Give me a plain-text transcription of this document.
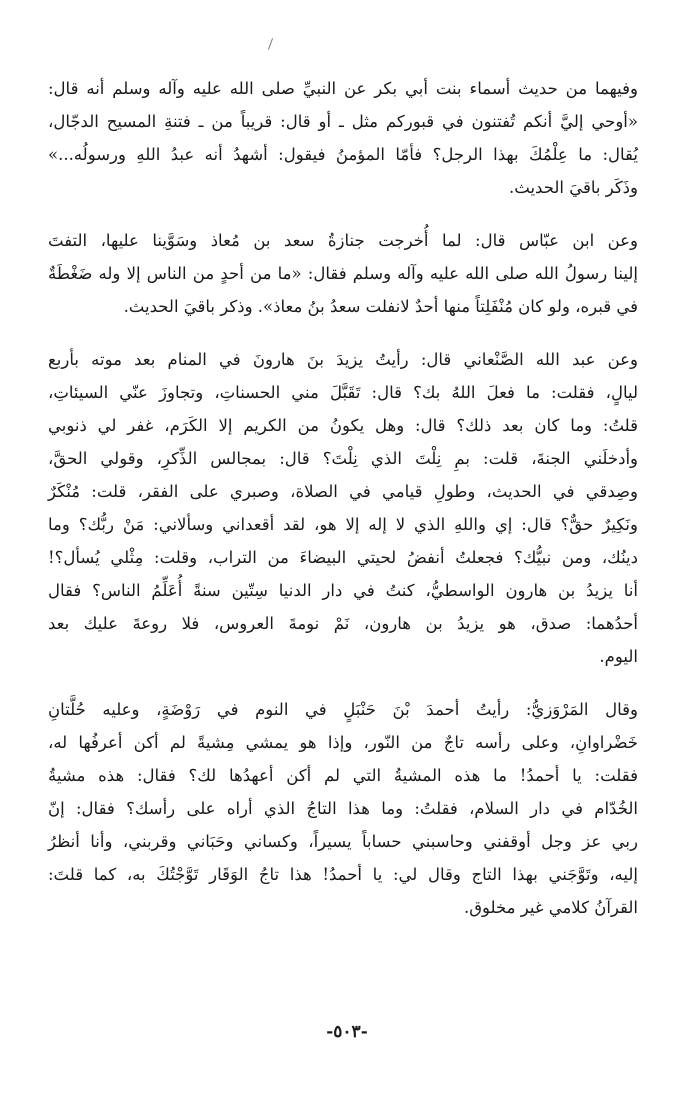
وفيهما من حديث أسماء بنت أبي بكر عن النبيِّ صلى الله عليه وآله وسلم أنه قال:
«أوحي إليَّ أنكم تُفتنون في قبوركم مثل ـ أو قال: قريباً من ـ فتنةِ المسيح الدجّال،
يُقال: ما عِلْمُكَ بهذا الرجل؟ فأمّا المؤمنُ فيقول: أشهدُ أنه عبدُ اللهِ ورسولُه...»
وذَكَر باقيَ الحديث.
وعن ابن عبّاس قال: لما أُخرجت جنازةُ سعد بن مُعاذ وسَوَّينا عليها، التفتَ
إلينا رسولُ الله صلى الله عليه وآله وسلم فقال: «ما من أحدٍ من الناس إلا وله ضَغْطَةٌ
في قبره، ولو كان مُنْفَلِتاً منها أحدٌ لانفلت سعدُ بنُ معاذ». وذكر باقيَ الحديث.
وعن عبد الله الصَّنْعاني قال: رأيتُ يزيدَ بنَ هارونَ في المنام بعد موته بأربع
ليالٍ، فقلت: ما فعلَ اللهُ بك؟ قال: تَقَبَّلَ مني الحسناتِ، وتجاوزَ عنّي السيئاتِ،
قلتُ: وما كان بعد ذلك؟ قال: وهل يكونُ من الكريم إلا الكَرَم، غفر لي ذنوبي
وأدخلَني الجنةَ، قلت: بمِ نِلْتَ الذي نِلْتَ؟ قال: بمجالس الذِّكرِ، وقولي الحقَّ،
وصِدقي في الحديث، وطولِ قيامي في الصلاة، وصبري على الفقر، قلت: مُنْكَرٌ
ونَكِيرٌ حقٌّ؟ قال: إي واللهِ الذي لا إله إلا هو، لقد أقعداني وسألاني: مَنْ ربُّك؟ وما
دينُك، ومن نبيُّك؟ فجعلتُ أنفضُ لحيتي البيضاءَ من التراب، وقلت: مِثْلي يُسأل؟!
أنا يزيدُ بن هارون الواسطيُّ، كنتُ في دار الدنيا سِتّين سنةً أُعَلِّمُ الناس؟ فقال
أحدُهما: صدق، هو يزيدُ بن هارون، نَمْ نومةَ العروس، فلا روعةَ عليك بعد
اليوم.
وقال المَرْوَزيُّ: رأيتُ أحمدَ بْنَ حَنْبَلٍ في النوم في رَوْضَةٍ، وعليه حُلَّتانِ
خَضْراوانِ، وعلى رأسه تاجٌ من النّور، وإذا هو يمشي مِشيةً لم أكن أعرفُها له،
فقلت: يا أحمدُ! ما هذه المشيةُ التي لم أكن أعهدُها لك؟ فقال: هذه مشيةُ
الخُدّام في دار السلام، فقلتُ: وما هذا التاجُ الذي أراه على رأسك؟ فقال: إنّ
ربي عز وجل أوقفني وحاسبني حساباً يسيراً، وكساني وحَبَاني وقربني، وأنا أنظرُ
إليه، وتَوَّجَني بهذا التاج وقال لي: يا أحمدُ! هذا تاجُ الوَقَار تَوَّجْتُكَ به، كما قلتَ:
القرآنُ كلامي غير مخلوق.
-٥٠٣-
